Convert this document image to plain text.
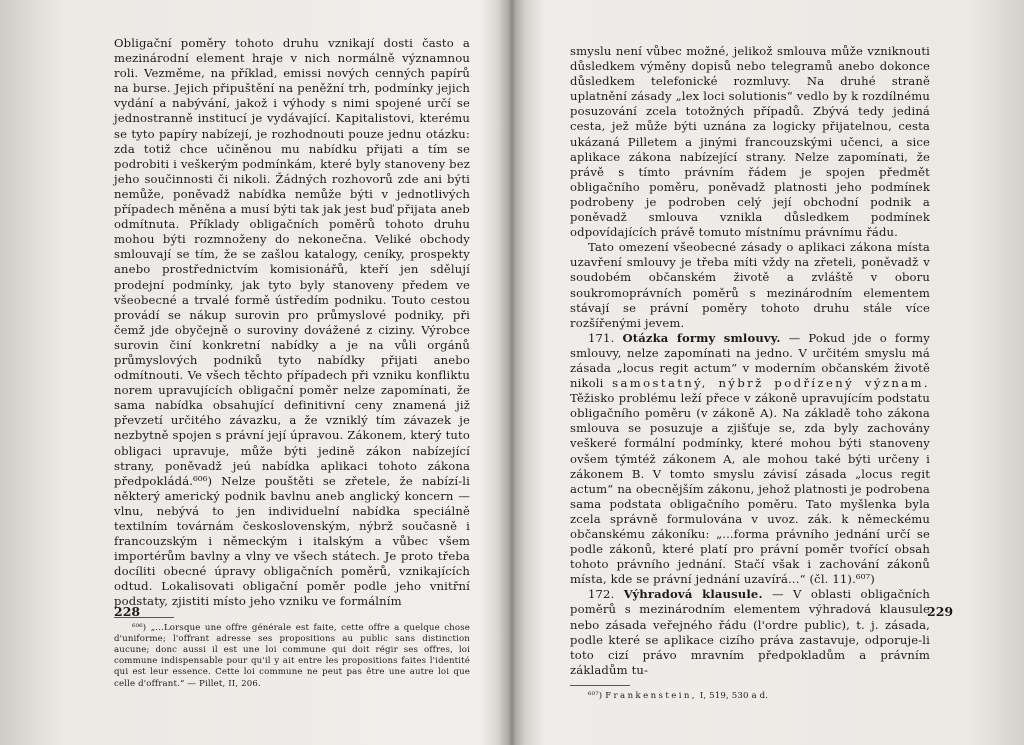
Obligační poměry tohoto druhu vznikají dosti často a mezinárodní element hraje v nich normálně významnou roli. Vezměme, na příklad, emissi nových cenných papírů na burse. Jejich připuštění na peněžní trh, podmínky jejich vydání a nabývání, jakož i výhody s nimi spojené určí se jednostranně institucí je vydávající. Kapitalistovi, kterému se tyto papíry nabízejí, je rozhodnouti pouze jednu otázku: zda totiž chce učiněnou mu nabídku přijati a tím se podrobiti i veškerým podmínkám, které byly stanoveny bez jeho součinnosti či nikoli. Žádných rozhovorů zde ani býti nemůže, poněvadž nabídka nemůže býti v jednotlivých případech měněna a musí býti tak jak jest buď přijata aneb odmítnuta. Příklady obligačních poměrů tohoto druhu mohou býti rozmnoženy do nekonečna. Veliké obchody smlouvají se tím, že se zašlou katalogy, ceníky, prospekty anebo prostřednictvím komisionářů, kteří jen sdělují prodejní podmínky, jak tyto byly stanoveny předem ve všeobecné a trvalé formě ústředím podniku. Touto cestou provádí se nákup surovin pro průmyslové podniky, při čemž jde obyčejně o suroviny dovážené z ciziny. Výrobce surovin činí konkretní nabídky a je na vůli orgánů průmyslových podniků tyto nabídky přijati anebo odmítnouti. Ve všech těchto případech při vzniku konfliktu norem upravujících obligační poměr nelze zapomínati, že sama nabídka obsahující definitivní ceny znamená již převzetí určitého závazku, a že vzniklý tím závazek je nezbytně spojen s právní její úpravou. Zákonem, který tuto obligaci upravuje, může býti jedině zákon nabízející strany, poněvadž jeú nabídka aplikaci tohoto zákona předpokládá.⁶⁰⁶) Nelze pouštěti se zřetele, že nabízí-li některý americký podnik bavlnu aneb anglický koncern — vlnu, nebývá to jen individuelní nabídka speciálně textilním továrnám československým, nýbrž současně i francouzským i německým i italským a vůbec všem importérům bavlny a vlny ve všech státech. Je proto třeba docíliti obecné úpravy obligačních poměrů, vznikajících odtud. Lokalisovati obligační poměr podle jeho vnitřní podstaty, zjistiti místo jeho vzniku ve formálním

⁶⁰⁶) „...Lorsque une offre générale est faite, cette offre a quelque chose d'uniforme; l'offrant adresse ses propositions au public sans distinction aucune; donc aussi il est une loi commune qui doit régir ses offres, loi commune indispensable pour qu'il y ait entre les propositions faites l'identité qui est leur essence. Cette loi commune ne peut pas être une autre loi que celle d'offrant.“ — Pillet, II, 206.

228

smyslu není vůbec možné, jelikož smlouva může vzniknouti důsledkem výměny dopisů nebo telegramů anebo dokonce důsledkem telefonické rozmluvy. Na druhé straně uplatnění zásady „lex loci solutionis“ vedlo by k rozdílnému posuzování zcela totožných případů. Zbývá tedy jediná cesta, jež může býti uznána za logicky přijatelnou, cesta ukázaná Pilletem a jinými francouzskými učenci, a sice aplikace zákona nabízející strany. Nelze zapomínati, že právě s tímto právním řádem je spojen předmět obligačního poměru, poněvadž platnosti jeho podmínek podrobeny je podroben celý její obchodní podnik a poněvadž smlouva vznikla důsledkem podmínek odpovídajících právě tomuto místnímu právnímu řádu.

Tato omezení všeobecné zásady o aplikaci zákona místa uzavření smlouvy je třeba míti vždy na zřeteli, poněvadž v soudobém občanském životě a zvláště v oboru soukromoprávních poměrů s mezinárodním elementem stávají se právní poměry tohoto druhu stále více rozšířenými jevem.

171. Otázka formy smlouvy. — Pokud jde o formy smlouvy, nelze zapomínati na jedno. V určitém smyslu má zásada „locus regit actum“ v moderním občanském životě nikoli samostatný, nýbrž podřízený význam. Těžisko problému leží přece v zákoně upravujícím podstatu obligačního poměru (v zákoně A). Na základě toho zákona smlouva se posuzuje a zjišťuje se, zda byly zachovány veškeré formální podmínky, které mohou býti stanoveny ovšem týmtéž zákonem A, ale mohou také býti určeny i zákonem B. V tomto smyslu závisí zásada „locus regit actum“ na obecnějším zákonu, jehož platnosti je podrobena sama podstata obligačního poměru. Tato myšlenka byla zcela správně formulována v uvoz. zák. k německému občanskému zákoníku: „...forma právního jednání určí se podle zákonů, které platí pro právní poměr tvořící obsah tohoto právního jednání. Stačí však i zachování zákonů místa, kde se právní jednání uzavírá...“ (čl. 11).⁶⁰⁷)

172. Výhradová klausule. — V oblasti obligačních poměrů s mezinárodním elementem výhradová klausule nebo zásada veřejného řádu (l'ordre public), t. j. zásada, podle které se aplikace cizího práva zastavuje, odporuje-li toto cizí právo mravním předpokladům a právním základům tu-

⁶⁰⁷) Frankenstein, I, 519, 530 a d.

229
